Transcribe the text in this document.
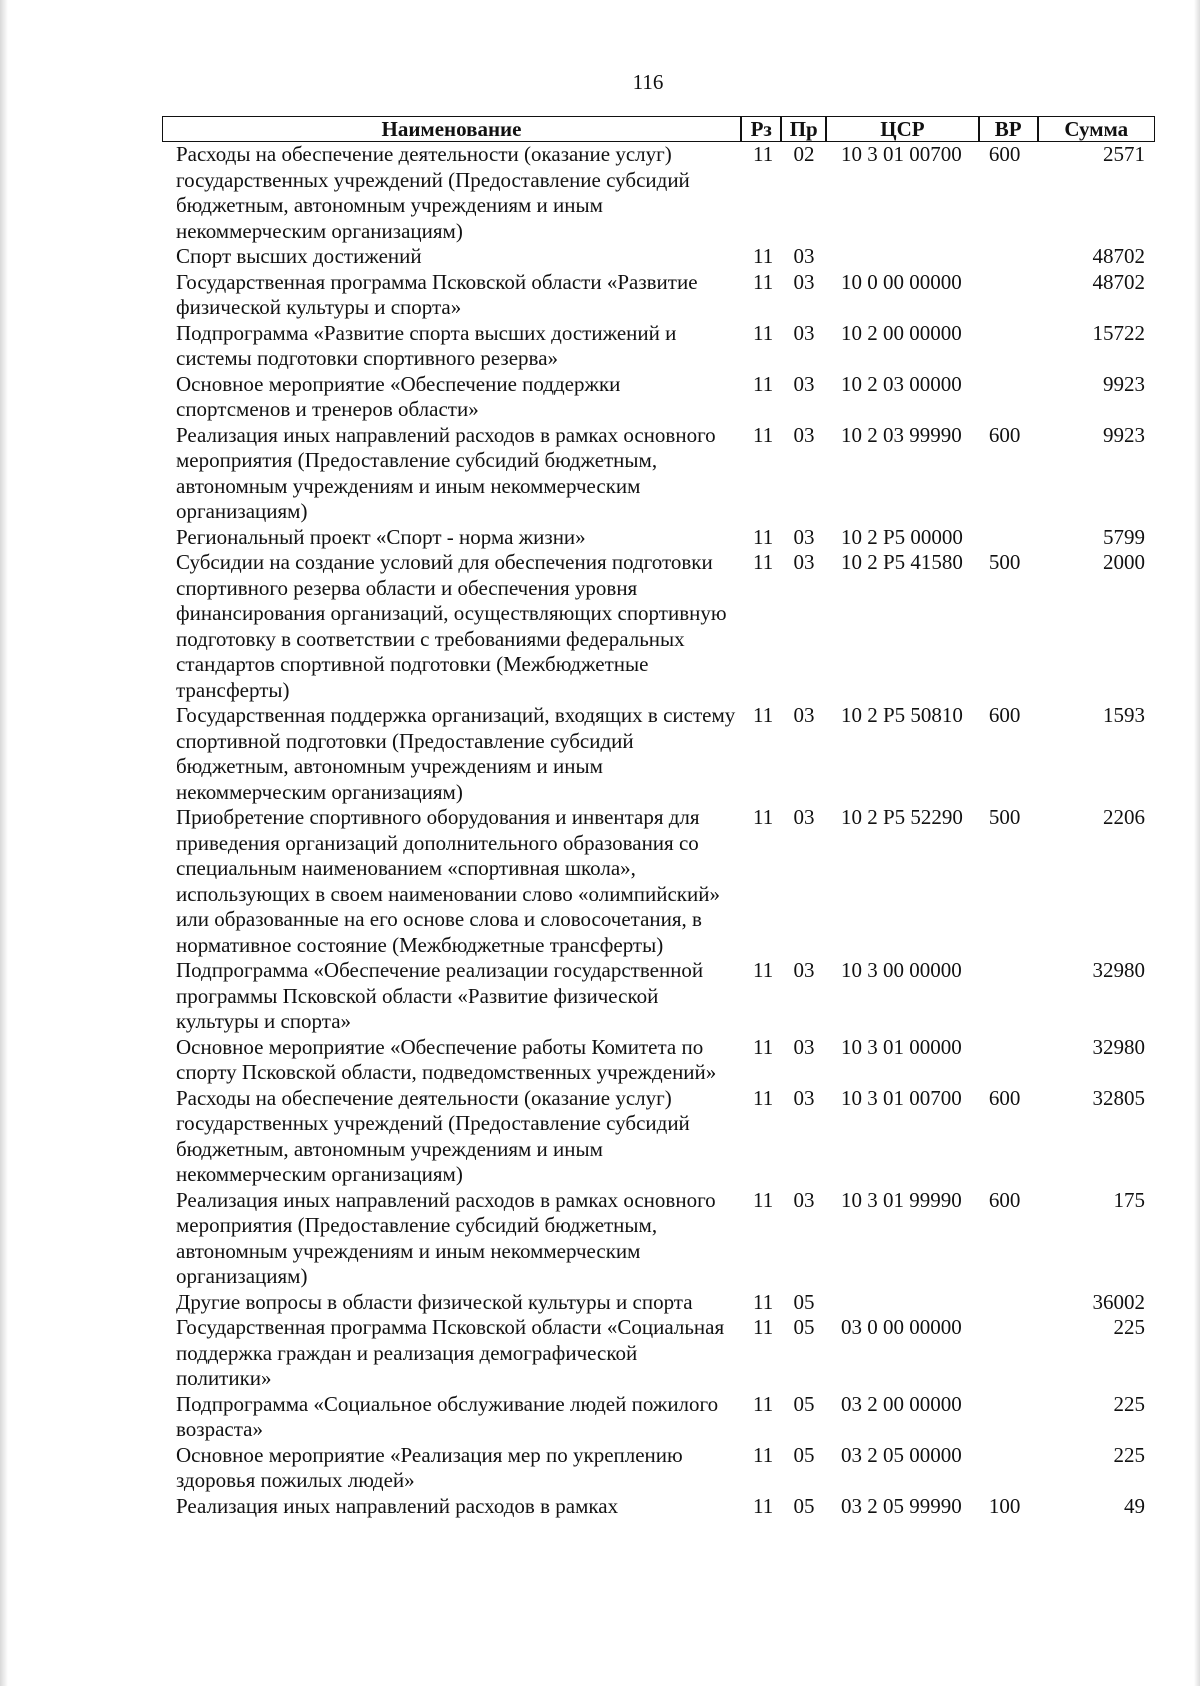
116
Наименование	Рз	Пр	ЦСР	ВР	Сумма
Расходы на обеспечение деятельности (оказание услуг) государственных учреждений (Предоставление субсидий бюджетным, автономным учреждениям и иным некоммерческим организациям)	11	02	10 3 01 00700	600	2571
Спорт высших достижений	11	03			48702
Государственная программа Псковской области «Развитие физической культуры и спорта»	11	03	10 0 00 00000		48702
Подпрограмма «Развитие спорта высших достижений и системы подготовки спортивного резерва»	11	03	10 2 00 00000		15722
Основное мероприятие «Обеспечение поддержки спортсменов и тренеров области»	11	03	10 2 03 00000		9923
Реализация иных направлений расходов в рамках основного мероприятия (Предоставление субсидий бюджетным, автономным учреждениям и иным некоммерческим организациям)	11	03	10 2 03 99990	600	9923
Региональный проект «Спорт - норма жизни»	11	03	10 2 Р5 00000		5799
Субсидии на создание условий для обеспечения подготовки спортивного резерва области и обеспечения уровня финансирования организаций, осуществляющих спортивную подготовку в соответствии с требованиями федеральных стандартов спортивной подготовки (Межбюджетные трансферты)	11	03	10 2 Р5 41580	500	2000
Государственная поддержка организаций, входящих в систему спортивной подготовки (Предоставление субсидий бюджетным, автономным учреждениям и иным некоммерческим организациям)	11	03	10 2 Р5 50810	600	1593
Приобретение спортивного оборудования и инвентаря для приведения организаций дополнительного образования со специальным наименованием «спортивная школа», использующих в своем наименовании слово «олимпийский» или образованные на его основе слова и словосочетания, в нормативное состояние (Межбюджетные трансферты)	11	03	10 2 Р5 52290	500	2206
Подпрограмма «Обеспечение реализации государственной программы Псковской области «Развитие физической культуры и спорта»	11	03	10 3 00 00000		32980
Основное мероприятие «Обеспечение работы Комитета по спорту Псковской области, подведомственных учреждений»	11	03	10 3 01 00000		32980
Расходы на обеспечение деятельности (оказание услуг) государственных учреждений (Предоставление субсидий бюджетным, автономным учреждениям и иным некоммерческим организациям)	11	03	10 3 01 00700	600	32805
Реализация иных направлений расходов в рамках основного мероприятия (Предоставление субсидий бюджетным, автономным учреждениям и иным некоммерческим организациям)	11	03	10 3 01 99990	600	175
Другие вопросы в области физической культуры и спорта	11	05			36002
Государственная программа Псковской области «Социальная поддержка граждан и реализация демографической политики»	11	05	03 0 00 00000		225
Подпрограмма «Социальное обслуживание людей пожилого возраста»	11	05	03 2 00 00000		225
Основное мероприятие «Реализация мер по укреплению здоровья пожилых людей»	11	05	03 2 05 00000		225
Реализация иных направлений расходов в рамках	11	05	03 2 05 99990	100	49
